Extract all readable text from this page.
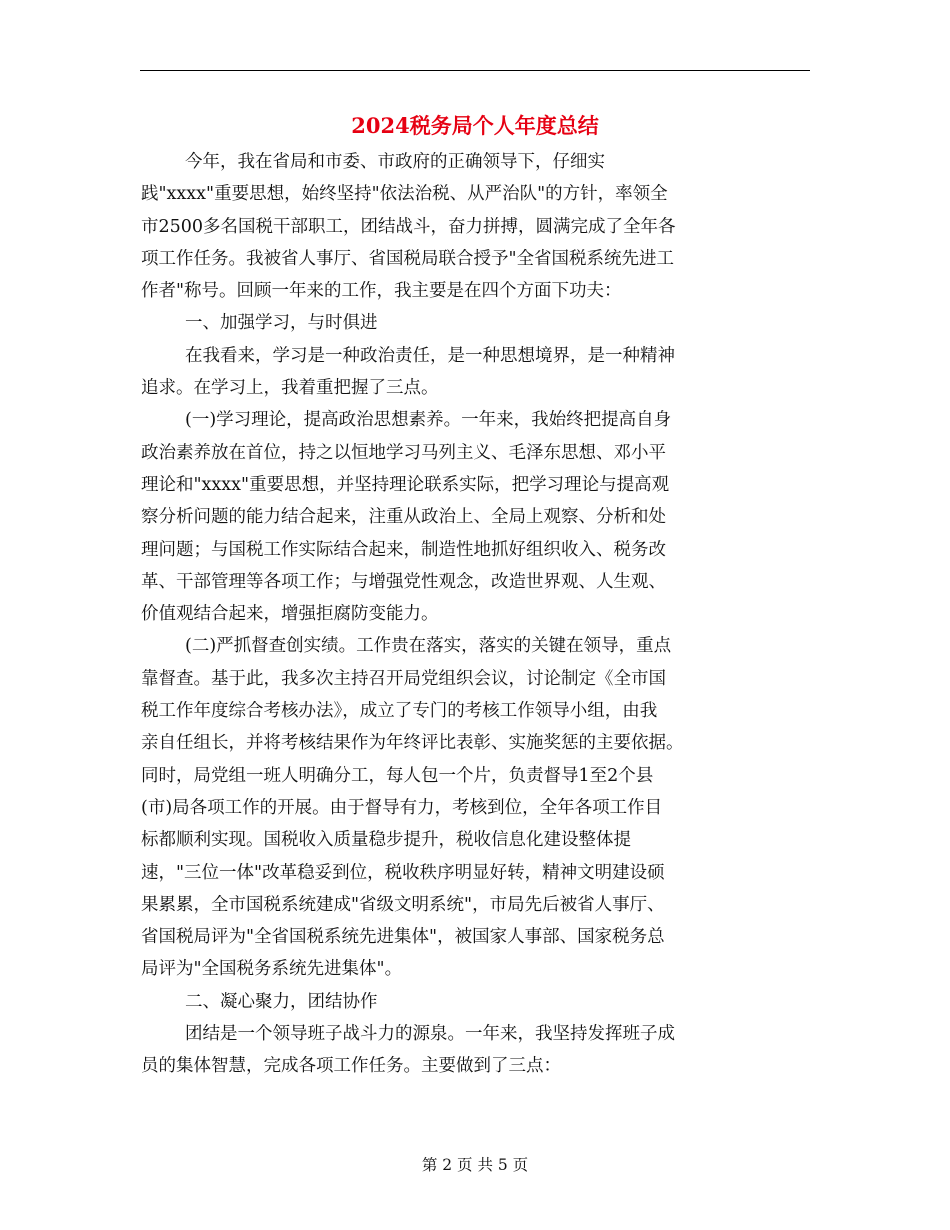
2024税务局个人年度总结
今年，我在省局和市委、市政府的正确领导下，仔细实
践"xxxx"重要思想，始终坚持"依法治税、从严治队"的方针，率领全
市2500多名国税干部职工，团结战斗，奋力拼搏，圆满完成了全年各
项工作任务。我被省人事厅、省国税局联合授予"全省国税系统先进工
作者"称号。回顾一年来的工作，我主要是在四个方面下功夫：
一、加强学习，与时俱进
在我看来，学习是一种政治责任，是一种思想境界，是一种精神
追求。在学习上，我着重把握了三点。
(一)学习理论，提高政治思想素养。一年来，我始终把提高自身
政治素养放在首位，持之以恒地学习马列主义、毛泽东思想、邓小平
理论和"xxxx"重要思想，并坚持理论联系实际，把学习理论与提高观
察分析问题的能力结合起来，注重从政治上、全局上观察、分析和处
理问题；与国税工作实际结合起来，制造性地抓好组织收入、税务改
革、干部管理等各项工作；与增强党性观念，改造世界观、人生观、
价值观结合起来，增强拒腐防变能力。
(二)严抓督查创实绩。工作贵在落实，落实的关键在领导，重点
靠督查。基于此，我多次主持召开局党组织会议，讨论制定《全市国
税工作年度综合考核办法》，成立了专门的考核工作领导小组，由我
亲自任组长，并将考核结果作为年终评比表彰、实施奖惩的主要依据。
同时，局党组一班人明确分工，每人包一个片，负责督导1至2个县
(市)局各项工作的开展。由于督导有力，考核到位，全年各项工作目
标都顺利实现。国税收入质量稳步提升，税收信息化建设整体提
速，"三位一体"改革稳妥到位，税收秩序明显好转，精神文明建设硕
果累累，全市国税系统建成"省级文明系统"，市局先后被省人事厅、
省国税局评为"全省国税系统先进集体"，被国家人事部、国家税务总
局评为"全国税务系统先进集体"。
二、凝心聚力，团结协作
团结是一个领导班子战斗力的源泉。一年来，我坚持发挥班子成
员的集体智慧，完成各项工作任务。主要做到了三点：
第 2 页 共 5 页
